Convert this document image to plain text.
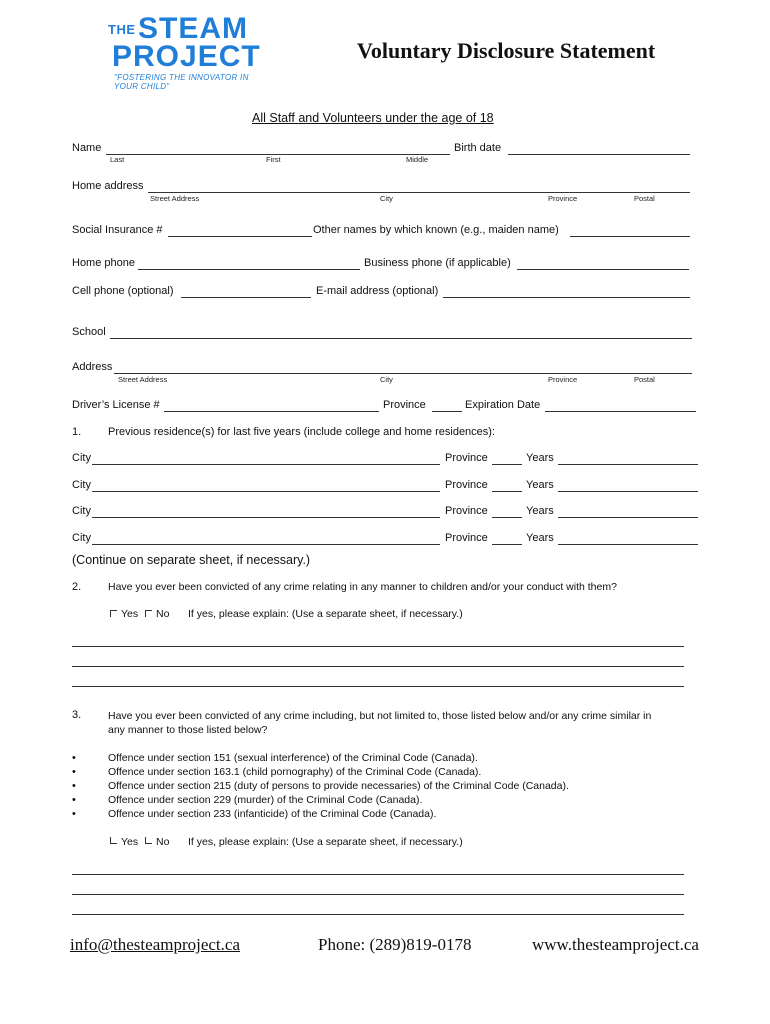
THE STEAM
PROJECT
"FOSTERING THE INNOVATOR IN YOUR CHILD"
Voluntary Disclosure Statement
All Staff and Volunteers under the age of 18
Name	Birth date
Last	First	Middle
Home address
Street Address	City	Province	Postal
Social Insurance #	Other names by which known (e.g., maiden name)
Home phone	Business phone (if applicable)
Cell phone (optional)	E-mail address (optional)
School
Address
Street Address	City	Province	Postal
Driver’s License #	Province	Expiration Date
1. Previous residence(s) for last five years (include college and home residences):
City	Province	Years
City	Province	Years
City	Province	Years
City	Province	Years
(Continue on separate sheet, if necessary.)
2.	Have you ever been convicted of any crime relating in any manner to children and/or your conduct with them?
Yes	No If yes, please explain: (Use a separate sheet, if necessary.)
3.	Have you ever been convicted of any crime including, but not limited to, those listed below and/or any crime similar in
any manner to those listed below?
•	Offence under section 151 (sexual interference) of the Criminal Code (Canada).
•	Offence under section 163.1 (child pornography) of the Criminal Code (Canada).
•	Offence under section 215 (duty of persons to provide necessaries) of the Criminal Code (Canada).
•	Offence under section 229 (murder) of the Criminal Code (Canada).
•	Offence under section 233 (infanticide) of the Criminal Code (Canada).
Yes	No If yes, please explain: (Use a separate sheet, if necessary.)
info@thesteamproject.ca	Phone: (289)819-0178	www.thesteamproject.ca
